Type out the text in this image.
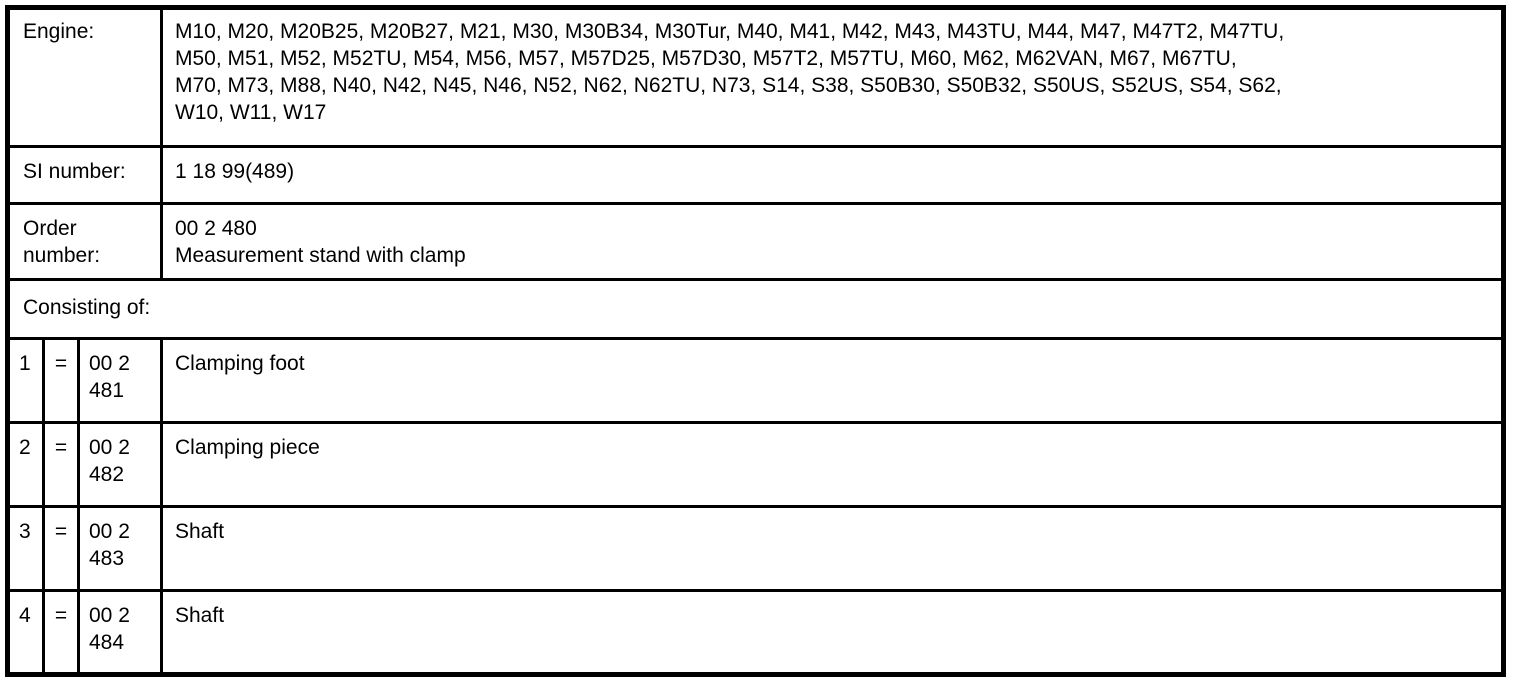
Engine:			M10, M20, M20B25, M20B27, M21, M30, M30B34, M30Tur, M40, M41, M42, M43, M43TU, M44, M47, M47T2, M47TU,
M50, M51, M52, M52TU, M54, M56, M57, M57D25, M57D30, M57T2, M57TU, M60, M62, M62VAN, M67, M67TU,
M70, M73, M88, N40, N42, N45, N46, N52, N62, N62TU, N73, S14, S38, S50B30, S50B32, S50US, S52US, S54, S62,
W10, W11, W17

SI number:			1 18 99(489)
Order number:			00 2 480
Measurement stand with clamp

Consisting of:			
1	=	00 2 481	Clamping foot
2	=	00 2 482	Clamping piece
3	=	00 2 483	Shaft
4	=	00 2 484	Shaft
